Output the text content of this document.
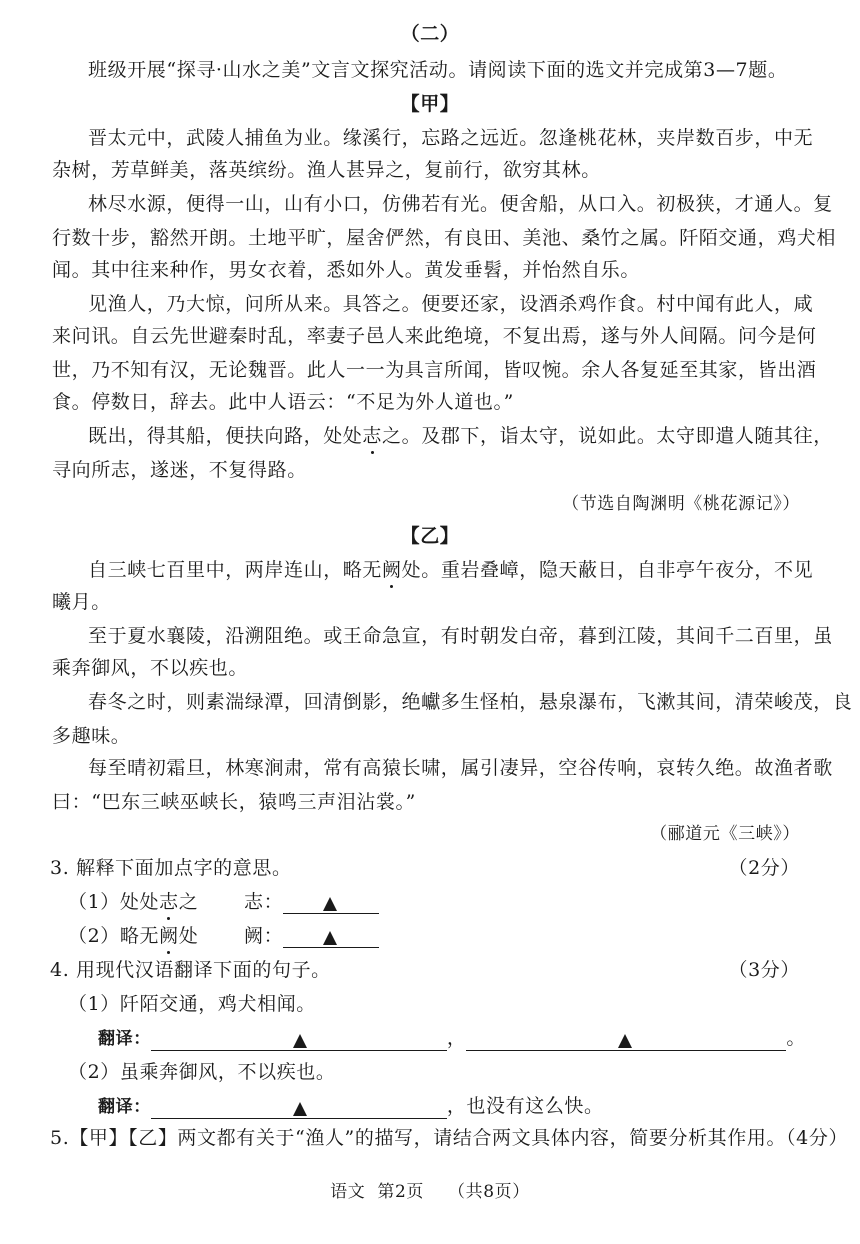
（二）
班级开展“探寻·山水之美”文言文探究活动。请阅读下面的选文并完成第3—7题。
【甲】
晋太元中，武陵人捕鱼为业。缘溪行，忘路之远近。忽逢桃花林，夹岸数百步，中无
杂树，芳草鲜美，落英缤纷。渔人甚异之，复前行，欲穷其林。
林尽水源，便得一山，山有小口，仿佛若有光。便舍船，从口入。初极狭，才通人。复
行数十步，豁然开朗。土地平旷，屋舍俨然，有良田、美池、桑竹之属。阡陌交通，鸡犬相
闻。其中往来种作，男女衣着，悉如外人。黄发垂髫，并怡然自乐。
见渔人，乃大惊，问所从来。具答之。便要还家，设酒杀鸡作食。村中闻有此人，咸
来问讯。自云先世避秦时乱，率妻子邑人来此绝境，不复出焉，遂与外人间隔。问今是何
世，乃不知有汉，无论魏晋。此人一一为具言所闻，皆叹惋。余人各复延至其家，皆出酒
食。停数日，辞去。此中人语云：“不足为外人道也。”
既出，得其船，便扶向路，处处志之。及郡下，诣太守，说如此。太守即遣人随其往，
寻向所志，遂迷，不复得路。
（节选自陶渊明《桃花源记》）
【乙】
自三峡七百里中，两岸连山，略无阙处。重岩叠嶂，隐天蔽日，自非亭午夜分，不见
曦月。
至于夏水襄陵，沿溯阻绝。或王命急宣，有时朝发白帝，暮到江陵，其间千二百里，虽
乘奔御风，不以疾也。
春冬之时，则素湍绿潭，回清倒影，绝巘多生怪柏，悬泉瀑布，飞漱其间，清荣峻茂，良
多趣味。
每至晴初霜旦，林寒涧肃，常有高猿长啸，属引凄异，空谷传响，哀转久绝。故渔者歌
曰：“巴东三峡巫峡长，猿鸣三声泪沾裳。”
（郦道元《三峡》）
3. 解释下面加点字的意思。	（2分）
（1）处处志之 志：
（2）略无阙处 阙：
4. 用现代汉语翻译下面的句子。	（3分）
（1）阡陌交通，鸡犬相闻。
翻译：	，	。
（2）虽乘奔御风，不以疾也。
翻译：	，也没有这么快。
5.【甲】【乙】两文都有关于“渔人”的描写，请结合两文具体内容，简要分析其作用。（4分）
语文 第2页 （共8页）
